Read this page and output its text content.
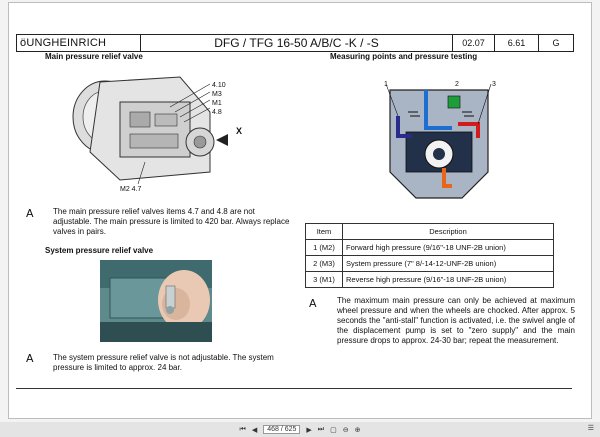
öUNGHEINRICH	DFG / TFG 16-50 A/B/C -K / -S	02.07	6.61	G
Main pressure relief valve
4.10
M3
M1
4.8
X
M2 4.7
A The main pressure relief valves items 4.7 and 4.8 are not adjustable. The main pressure is limited to 420 bar. Always replace valves in pairs.
System pressure relief valve
A The system pressure relief valve is not adjustable. The system pressure is limited to approx. 24 bar.
Measuring points and pressure testing
1	2	3
Item	Description
1 (M2)	Forward high pressure (9/16"-18 UNF-2B union)
2 (M3)	System pressure (7" 8/-14-12-UNF-2B union)
3 (M1)	Reverse high pressure (9/16"-18 UNF-2B union)
A	The maximum main pressure can only be achieved at maximum wheel pressure and when the wheels are chocked. After approx. 5 seconds the "anti-stall" function is activated, i.e. the swivel angle of the displacement pump is set to "zero supply" and the main pressure drops to approx. 24-30 bar; repeat the measurement.
⏮ ◀	468 / 625	▶ ⏭ ▢ ⊖ ⊕	☰
